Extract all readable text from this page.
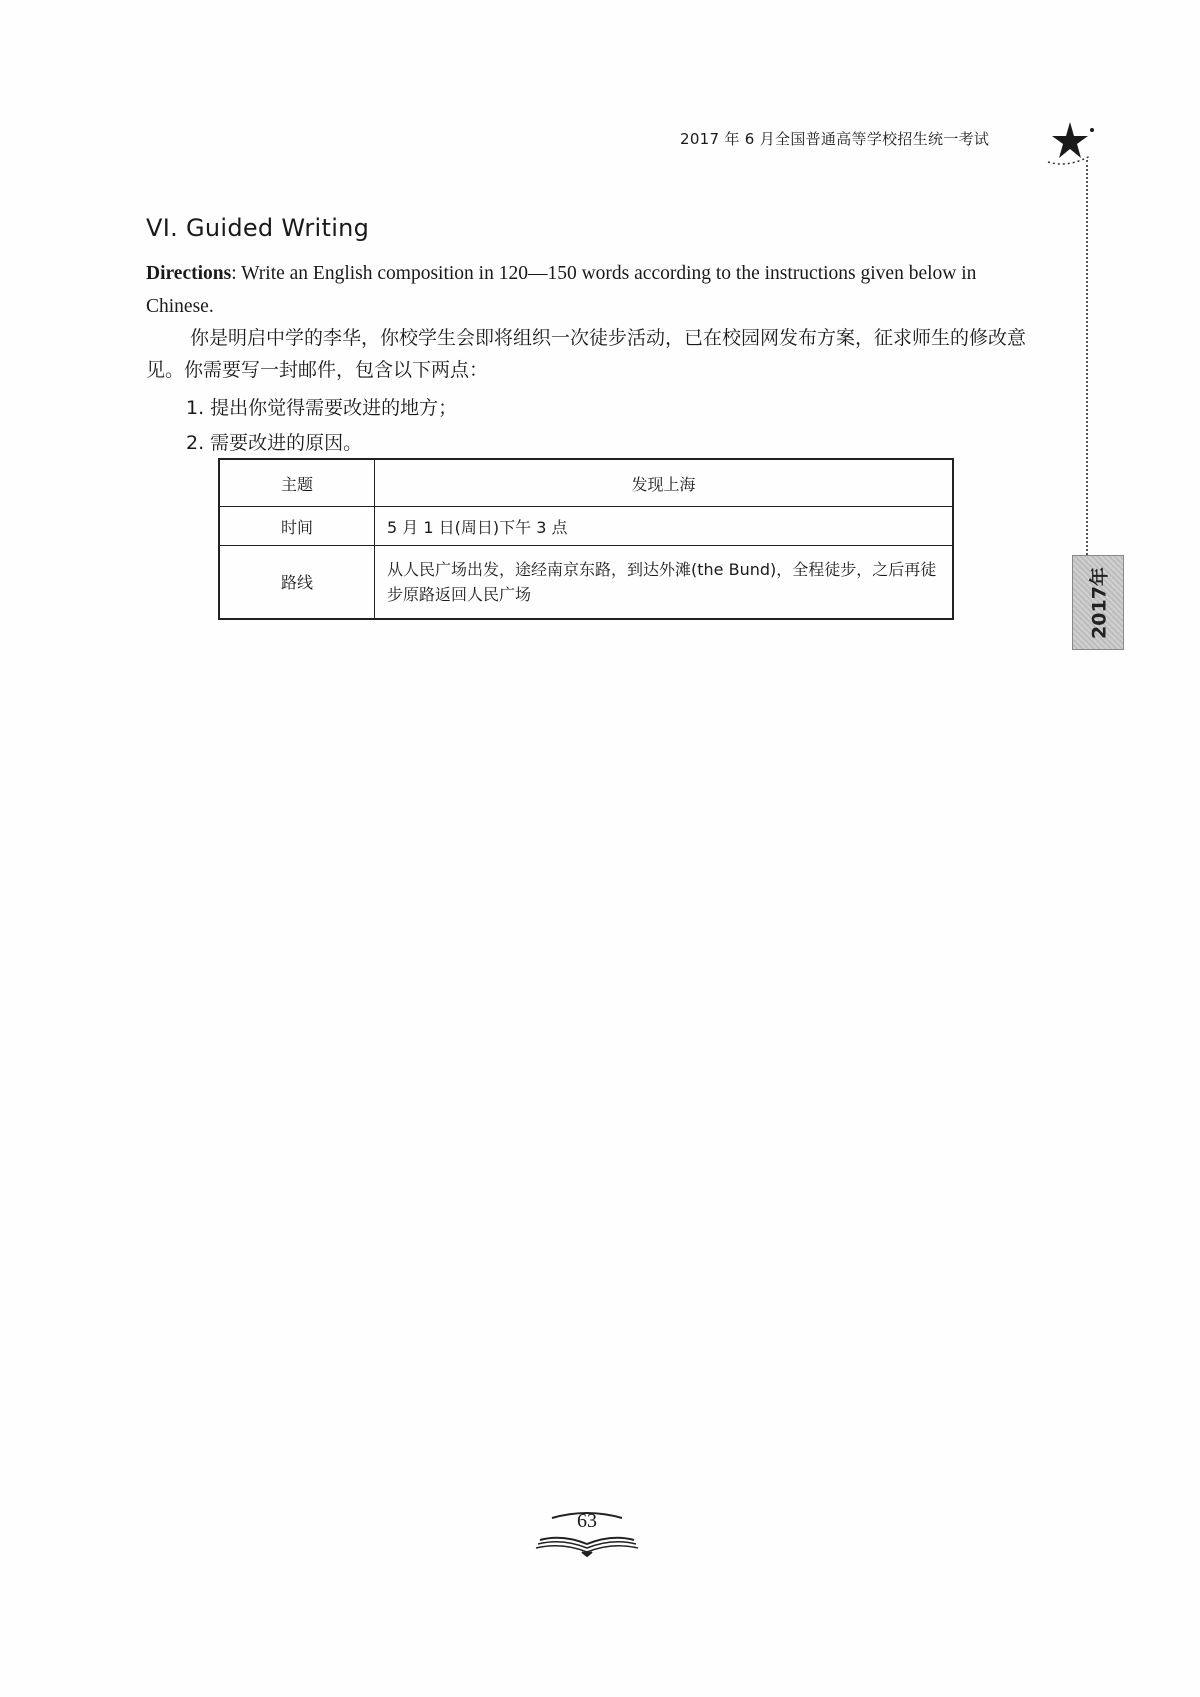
2017 年 6 月全国普通高等学校招生统一考试
2017年
VI. Guided Writing

Directions: Write an English composition in 120—150 words according to the instructions given below in Chinese.

你是明启中学的李华，你校学生会即将组织一次徒步活动，已在校园网发布方案，征求师生的修改意见。你需要写一封邮件，包含以下两点：

1. 提出你觉得需要改进的地方；
2. 需要改进的原因。
主题	发现上海
时间	5 月 1 日(周日)下午 3 点
路线	从人民广场出发，途经南京东路，到达外滩(the Bund)，全程徒步，之后再徒步原路返回人民广场
63
